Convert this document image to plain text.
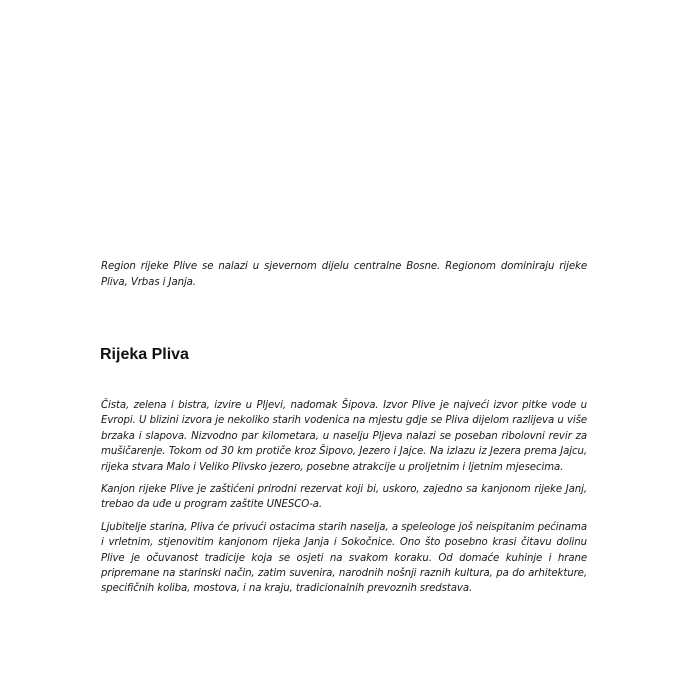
Region rijeke Plive se nalazi u sjevernom dijelu centralne Bosne. Regionom dominiraju rijeke Pliva, Vrbas i Janja.

Rijeka Pliva

Čista, zelena i bistra, izvire u Pljevi, nadomak Šipova. Izvor Plive je najveći izvor pitke vode u Evropi. U blizini izvora je nekoliko starih vodenica na mjestu gdje se Pliva dijelom razlijeva u više brzaka i slapova. Nizvodno par kilometara, u naselju Pljeva nalazi se poseban ribolovni revir za mušičarenje. Tokom od 30 km protiče kroz Šipovo, Jezero i Jajce. Na izlazu iz Jezera prema Jajcu, rijeka stvara Malo i Veliko Plivsko jezero, posebne atrakcije u proljetnim i ljetnim mjesecima.

Kanjon rijeke Plive je zaštićeni prirodni rezervat koji bi, uskoro, zajedno sa kanjonom rijeke Janj, trebao da uđe u program zaštite UNESCO-a.

Ljubitelje starina, Pliva će privući ostacima starih naselja, a speleologe još neispitanim pećinama i vrletnim, stjenovitim kanjonom rijeka Janja i Sokočnice. Ono što posebno krasi čitavu dolinu Plive je očuvanost tradicije koja se osjeti na svakom koraku. Od domaće kuhinje i hrane pripremane na starinski način, zatim suvenira, narodnih nošnji raznih kultura, pa do arhitekture, specifičnih koliba, mostova, i na kraju, tradicionalnih prevoznih sredstava.
